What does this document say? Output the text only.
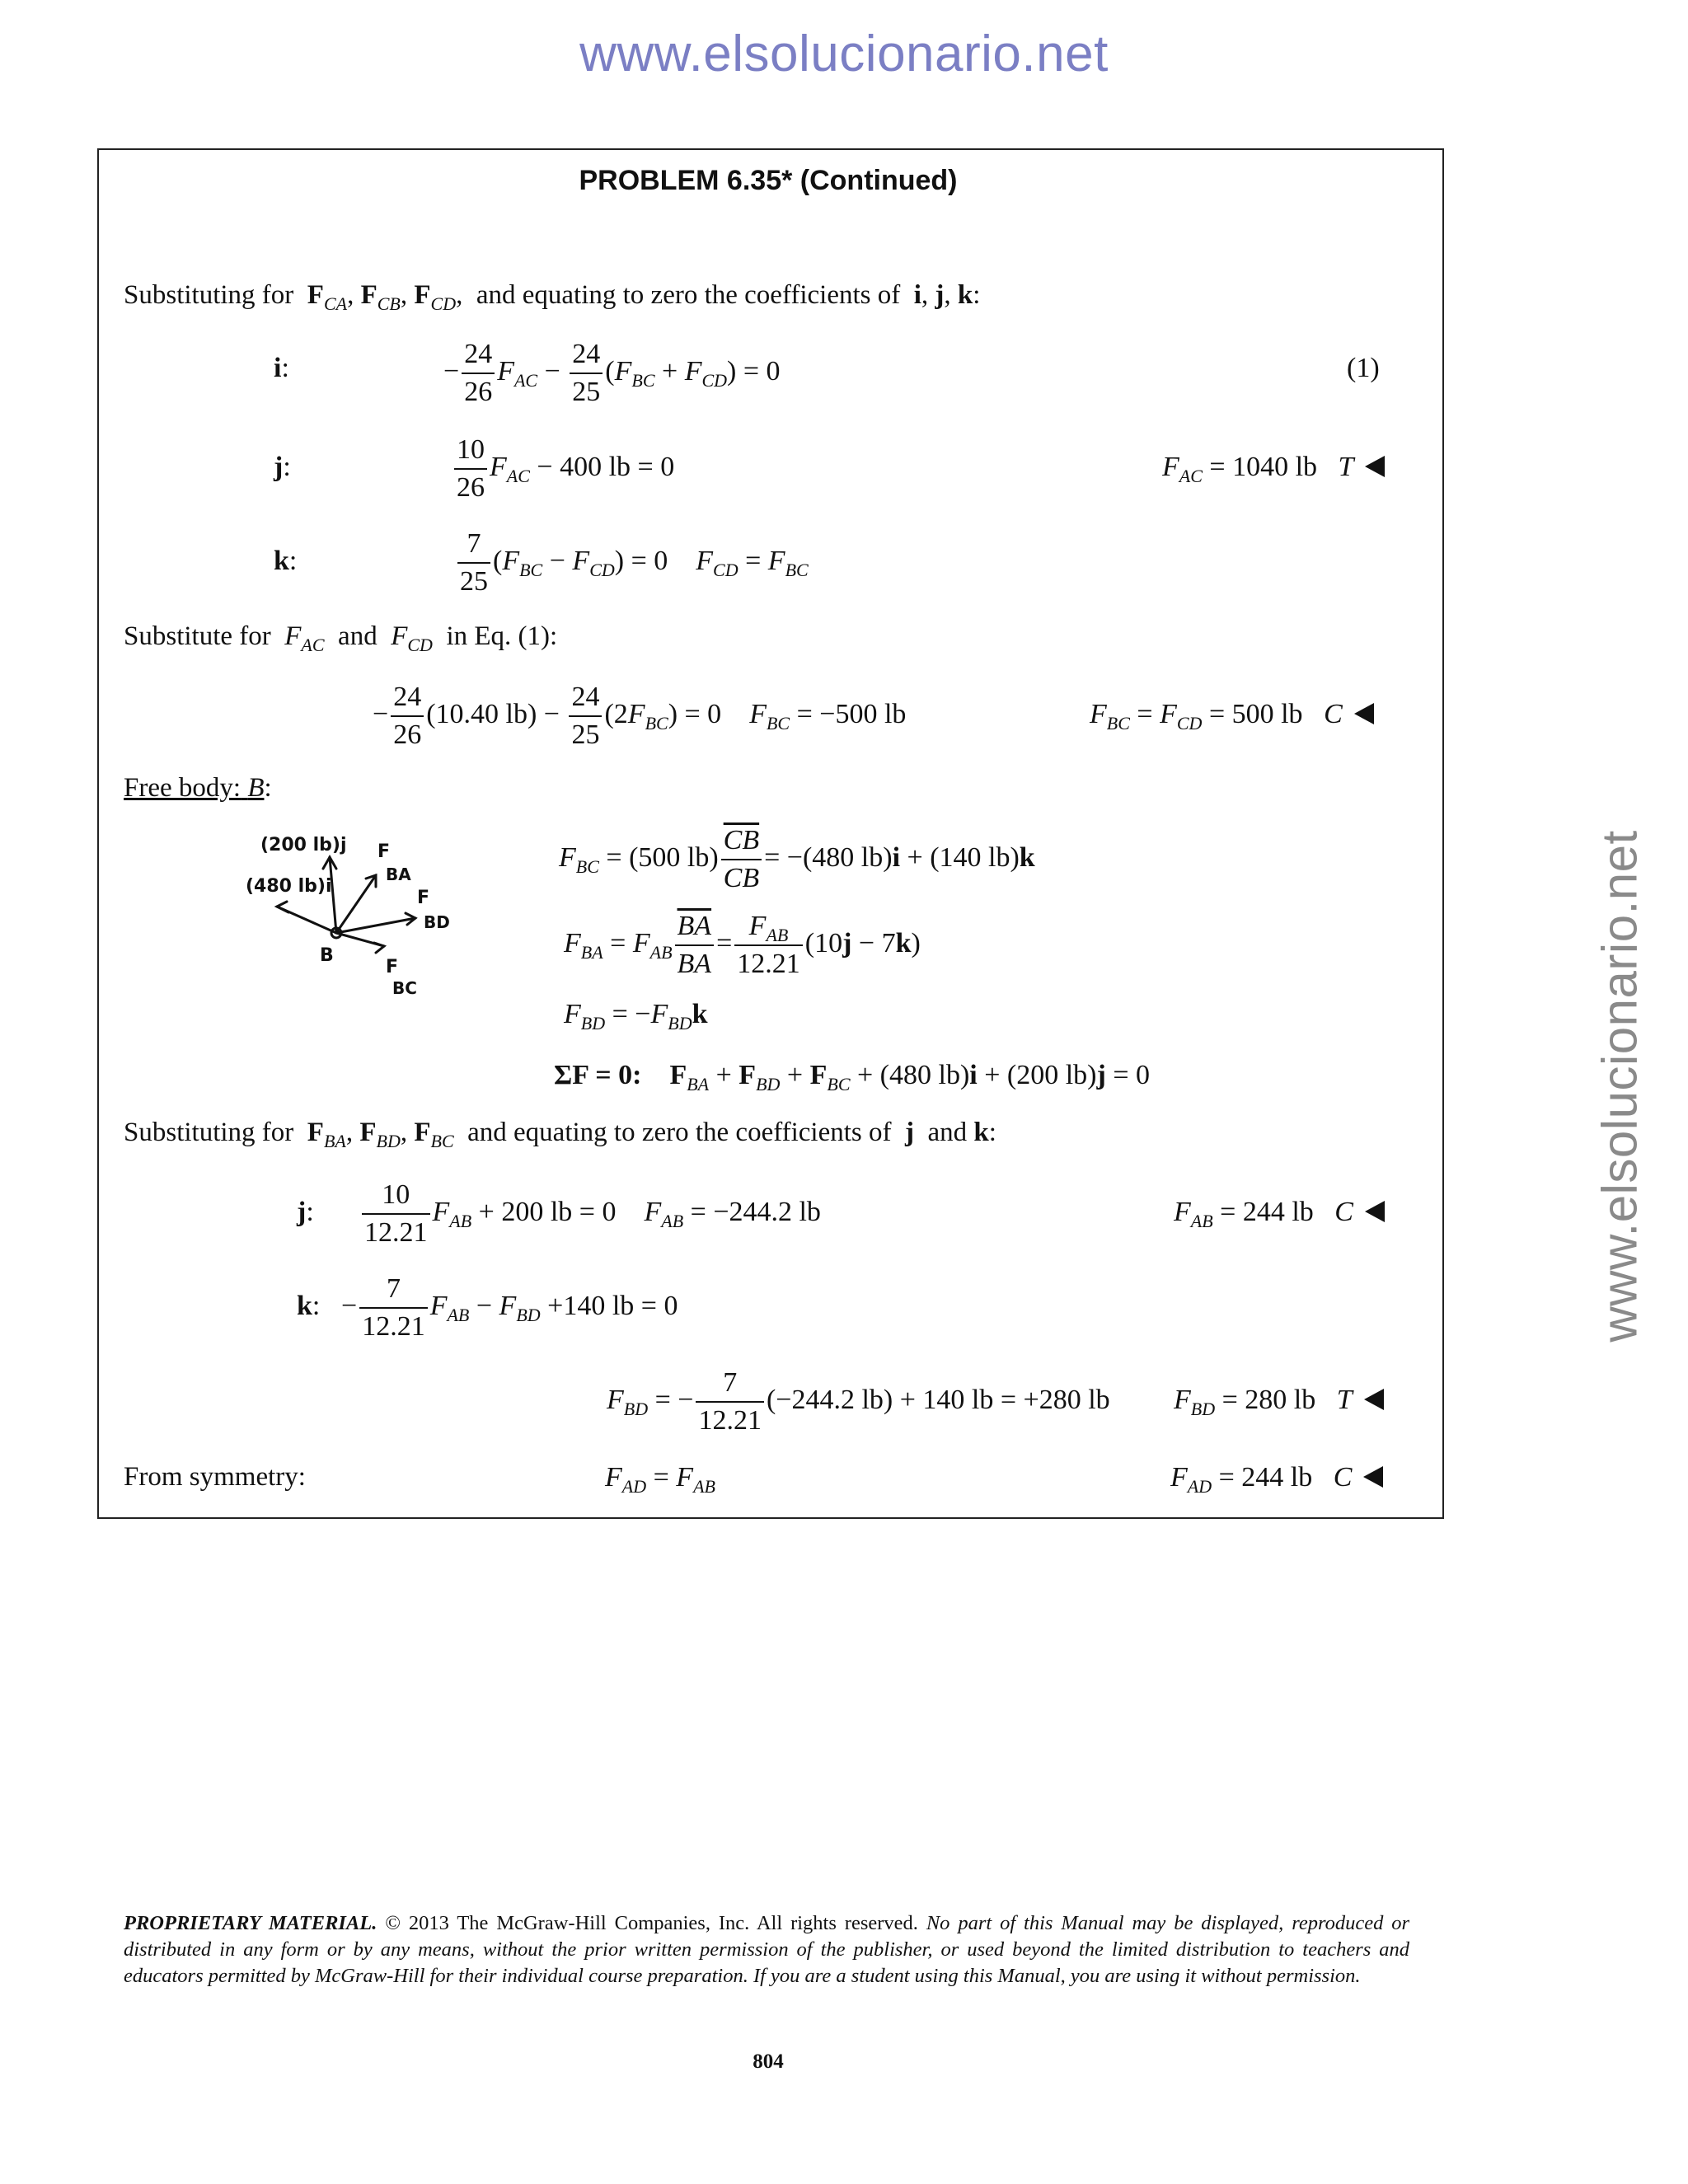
www.elsolucionario.net
www.elsolucionario.net
PROBLEM 6.35* (Continued)
Substituting for $F_{CA}$, $F_{CB}$, $F_{CD}$,  and equating to zero the coefficients of i, j, k:
i:	− $\frac{24}{26} F_{AC} - \frac{24}{25} (F_{BC} + F_{CD}) = 0$	(1)
j:	$\frac{10}{26} F_{AC} - 400$ lb = 0	$F_{AC} = 1040$ lb T
k:	$\frac{7}{25} (F_{BC} - F_{CD}) = 0$    $F_{CD} = F_{BC}$
Substitute for $F_{AC}$ and $F_{CD}$ in Eq. (1):
− $\frac{24}{26} (10.40$ $lb) - \frac{24}{25} (2F_{BC}) = 0$    $F_{BC} = -500$ lb	$F_{BC} = F_{CD} = 500$ lb C
Free body: B:
(200 lb)j
(480 lb)i
F
BA
F
BD
F
BC
B
$F_{BC} = (500$ $lb) \frac{\overline{CB}}{CB} = -(480$ lb)i + (140 lb)k
$F_{BA} = F_{AB} \frac{\overline{BA}}{BA} = \frac{F_{AB}}{12.21} (10j - 7k)$
$F_{BD} = -F_{BD}k$
ΣF = 0: $F_{BA} + F_{BD} + F_{BC} + (480$ lb)i + (200 lb)j = 0
Substituting for $F_{BA}$, $F_{BD}$, $F_{BC}$ and equating to zero the coefficients of j and k:
j: $\frac{10}{12.21} F_{AB} + 200$ lb = 0 $F_{AB} = -244.2$ lb	$F_{AB} = 244$ lb C
k: − $\frac{7}{12.21} F_{AB} - F_{BD} +140$ lb = 0
$F_{BD}$ = − $\frac{7}{12.21} (-244.2$ lb) + 140 lb = +280 lb $F_{BD} = 280$ lb T
From symmetry:	$F_{AD} = F_{AB}$	$F_{AD} = 244$ lb C
PROPRIETARY MATERIAL. © 2013 The McGraw-Hill Companies, Inc. All rights reserved. No part of this Manual may be displayed, reproduced or distributed in any form or by any means, without the prior written permission of the publisher, or used beyond the limited distribution to teachers and educators permitted by McGraw-Hill for their individual course preparation. If you are a student using this Manual, you are using it without permission.
804
